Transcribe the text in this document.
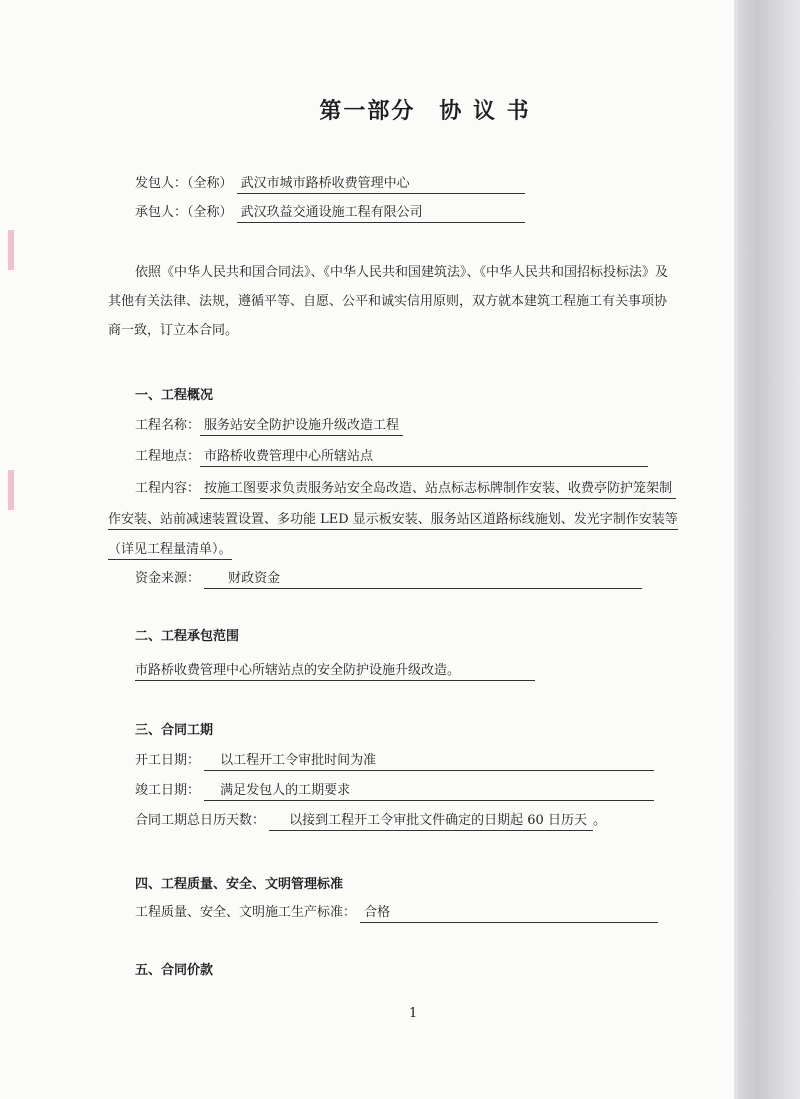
第一部分　协 议 书
发包人：（全称） 武汉市城市路桥收费管理中心
承包人：（全称） 武汉玖益交通设施工程有限公司
依照《中华人民共和国合同法》、《中华人民共和国建筑法》、《中华人民共和国招标投标法》及
其他有关法律、法规，遵循平等、自愿、公平和诚实信用原则，双方就本建筑工程施工有关事项协
商一致，订立本合同。
一、工程概况
工程名称： 服务站安全防护设施升级改造工程
工程地点： 市路桥收费管理中心所辖站点
工程内容： 按施工图要求负责服务站安全岛改造、站点标志标牌制作安装、收费亭防护笼架制
作安装、站前减速装置设置、多功能 LED 显示板安装、服务站区道路标线施划、发光字制作安装等
（详见工程量清单）。
资金来源： 财政资金
二、工程承包范围
市路桥收费管理中心所辖站点的安全防护设施升级改造。
三、合同工期
开工日期： 以工程开工令审批时间为准
竣工日期： 满足发包人的工期要求
合同工期总日历天数： 以接到工程开工令审批文件确定的日期起 60 日历天 。
四、工程质量、安全、文明管理标准
工程质量、安全、文明施工生产标准： 合格
五、合同价款
1
